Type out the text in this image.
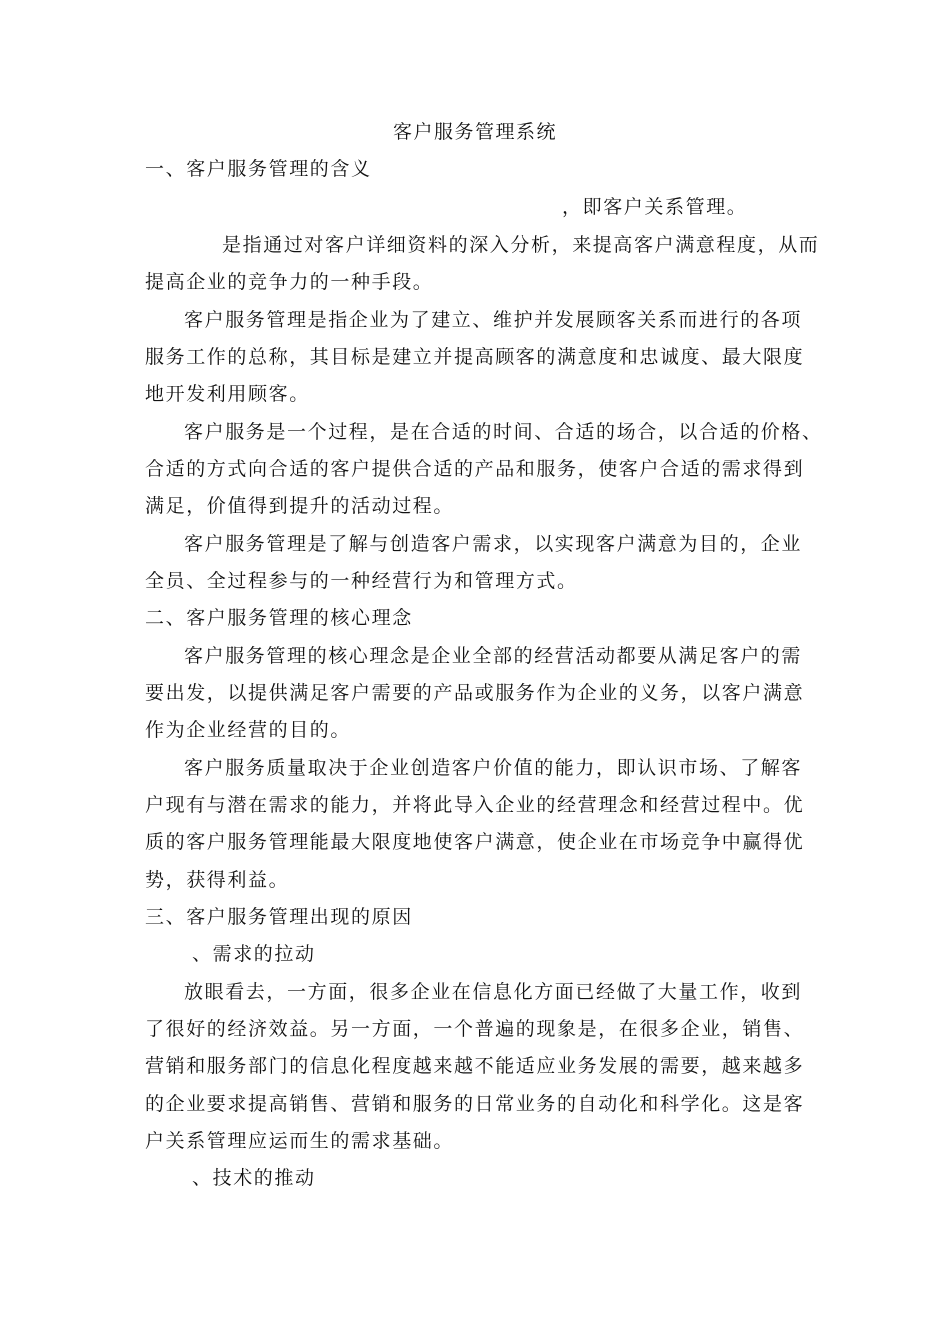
客户服务管理系统
一、客户服务管理的含义
，即客户关系管理。
是指通过对客户详细资料的深入分析，来提高客户满意程度，从而
提高企业的竞争力的一种手段。
客户服务管理是指企业为了建立、维护并发展顾客关系而进行的各项
服务工作的总称，其目标是建立并提高顾客的满意度和忠诚度、最大限度
地开发利用顾客。
客户服务是一个过程，是在合适的时间、合适的场合，以合适的价格、
合适的方式向合适的客户提供合适的产品和服务，使客户合适的需求得到
满足，价值得到提升的活动过程。
客户服务管理是了解与创造客户需求，以实现客户满意为目的，企业
全员、全过程参与的一种经营行为和管理方式。
二、客户服务管理的核心理念
客户服务管理的核心理念是企业全部的经营活动都要从满足客户的需
要出发，以提供满足客户需要的产品或服务作为企业的义务，以客户满意
作为企业经营的目的。
客户服务质量取决于企业创造客户价值的能力，即认识市场、了解客
户现有与潜在需求的能力，并将此导入企业的经营理念和经营过程中。优
质的客户服务管理能最大限度地使客户满意，使企业在市场竞争中赢得优
势，获得利益。
三、客户服务管理出现的原因
、需求的拉动
放眼看去，一方面，很多企业在信息化方面已经做了大量工作，收到
了很好的经济效益。另一方面，一个普遍的现象是，在很多企业，销售、
营销和服务部门的信息化程度越来越不能适应业务发展的需要，越来越多
的企业要求提高销售、营销和服务的日常业务的自动化和科学化。这是客
户关系管理应运而生的需求基础。
、技术的推动
